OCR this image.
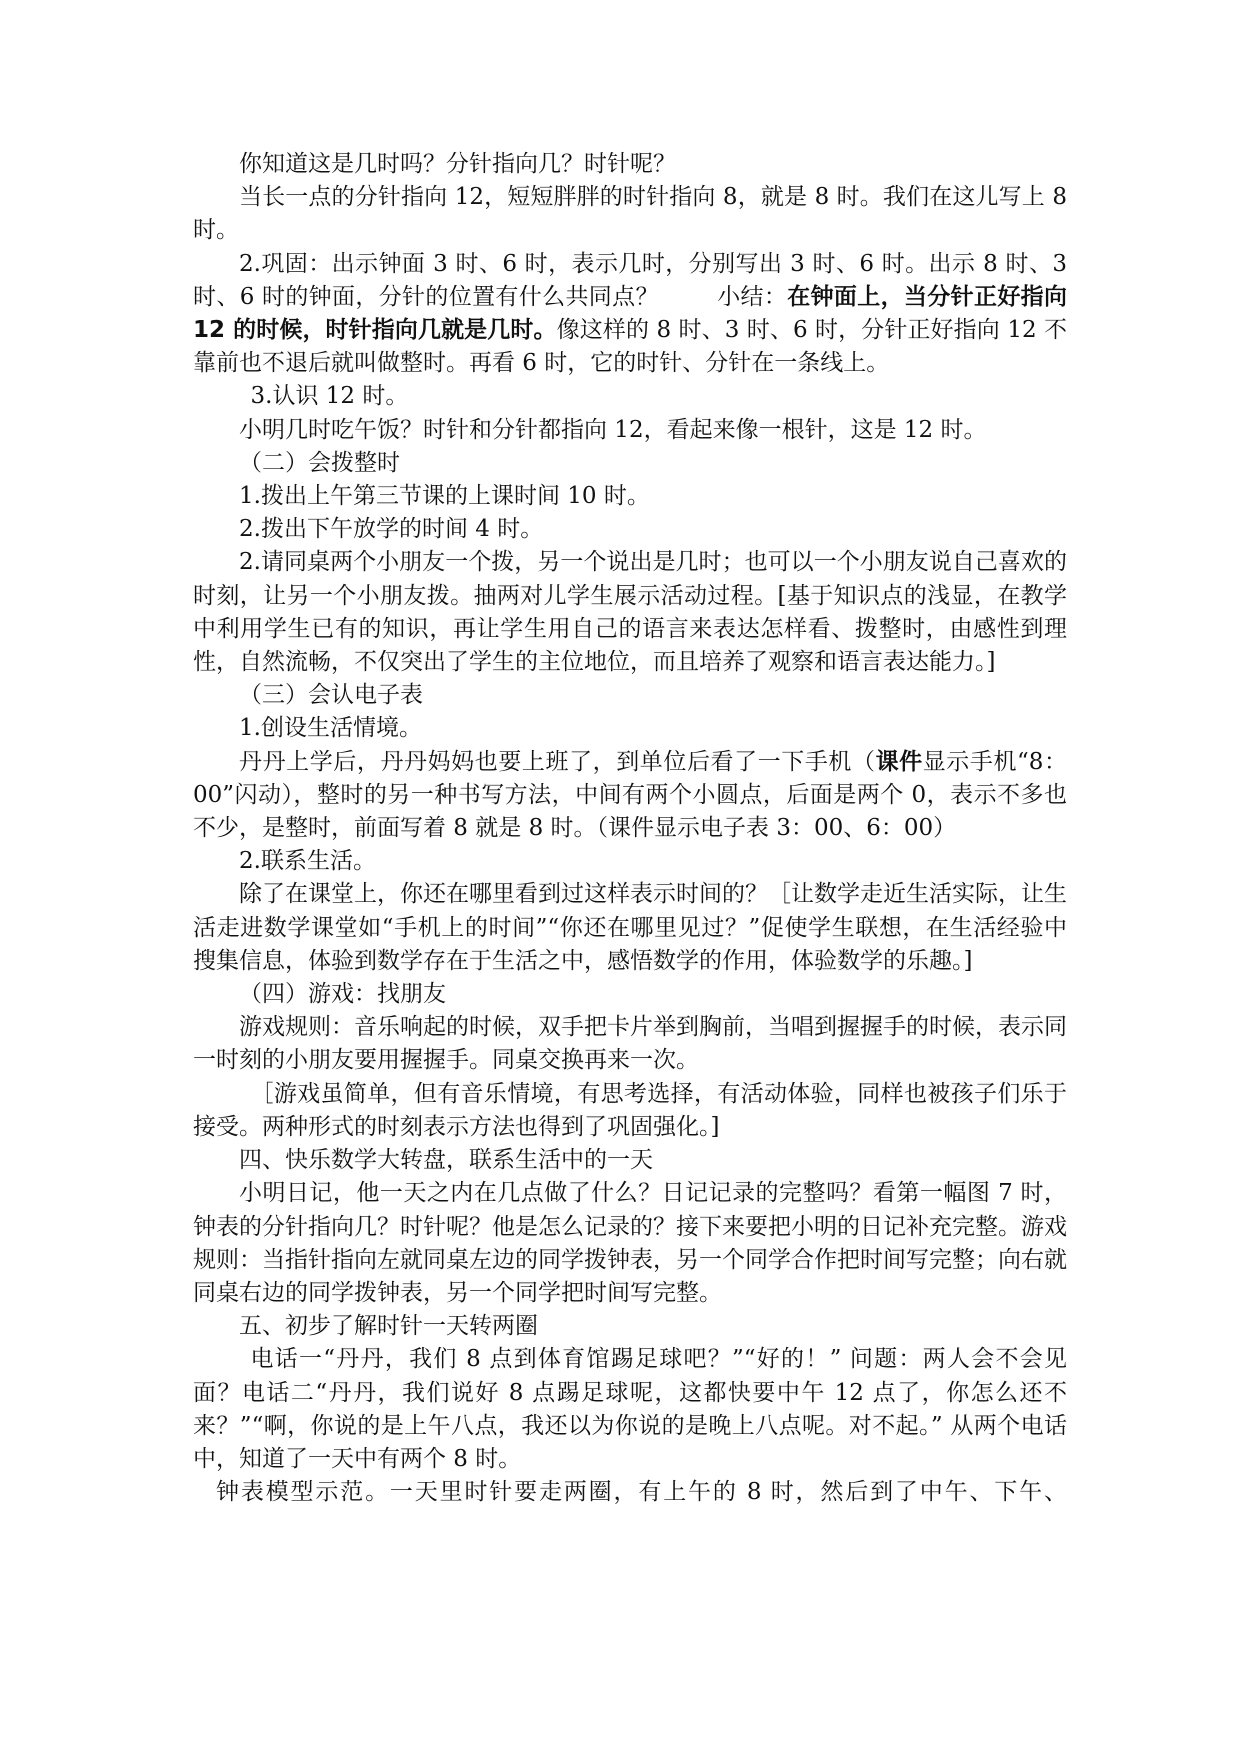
你知道这是几时吗？分针指向几？时针呢？

当长一点的分针指向 12，短短胖胖的时针指向 8，就是 8 时。我们在这儿写上 8 时。

2.巩固：出示钟面 3 时、6 时，表示几时，分别写出 3 时、6 时。出示 8 时、3 时、6 时的钟面，分针的位置有什么共同点？	小结：在钟面上，当分针正好指向 12 的时候，时针指向几就是几时。像这样的 8 时、3 时、6 时，分针正好指向 12 不靠前也不退后就叫做整时。再看 6 时，它的时针、分针在一条线上。

3.认识 12 时。

小明几时吃午饭？时针和分针都指向 12，看起来像一根针，这是 12 时。

（二）会拨整时

1.拨出上午第三节课的上课时间 10 时。

2.拨出下午放学的时间 4 时。

2.请同桌两个小朋友一个拨，另一个说出是几时；也可以一个小朋友说自己喜欢的时刻，让另一个小朋友拨。抽两对儿学生展示活动过程。[基于知识点的浅显，在教学中利用学生已有的知识，再让学生用自己的语言来表达怎样看、拨整时，由感性到理性，自然流畅，不仅突出了学生的主位地位，而且培养了观察和语言表达能力。]

（三）会认电子表

1.创设生活情境。

丹丹上学后，丹丹妈妈也要上班了，到单位后看了一下手机（课件显示手机“8：00”闪动），整时的另一种书写方法，中间有两个小圆点，后面是两个 0，表示不多也不少，是整时，前面写着 8 就是 8 时。（课件显示电子表 3：00、6：00）

2.联系生活。

除了在课堂上，你还在哪里看到过这样表示时间的？［让数学走近生活实际，让生活走进数学课堂如“手机上的时间”“你还在哪里见过？”促使学生联想，在生活经验中搜集信息，体验到数学存在于生活之中，感悟数学的作用，体验数学的乐趣。]

（四）游戏：找朋友

游戏规则：音乐响起的时候，双手把卡片举到胸前，当唱到握握手的时候，表示同一时刻的小朋友要用握握手。同桌交换再来一次。

［游戏虽简单，但有音乐情境，有思考选择，有活动体验，同样也被孩子们乐于接受。两种形式的时刻表示方法也得到了巩固强化。]

四、快乐数学大转盘，联系生活中的一天

小明日记，他一天之内在几点做了什么？日记记录的完整吗？看第一幅图 7 时，钟表的分针指向几？时针呢？他是怎么记录的？接下来要把小明的日记补充完整。游戏规则：当指针指向左就同桌左边的同学拨钟表，另一个同学合作把时间写完整；向右就同桌右边的同学拨钟表，另一个同学把时间写完整。

五、初步了解时针一天转两圈

电话一“丹丹，我们 8 点到体育馆踢足球吧？”“好的！” 问题：两人会不会见面？电话二“丹丹，我们说好 8 点踢足球呢，这都快要中午 12 点了，你怎么还不来？”“啊，你说的是上午八点，我还以为你说的是晚上八点呢。对不起。” 从两个电话中，知道了一天中有两个 8 时。

钟表模型示范。一天里时针要走两圈，有上午的 8 时，然后到了中午、下午、
